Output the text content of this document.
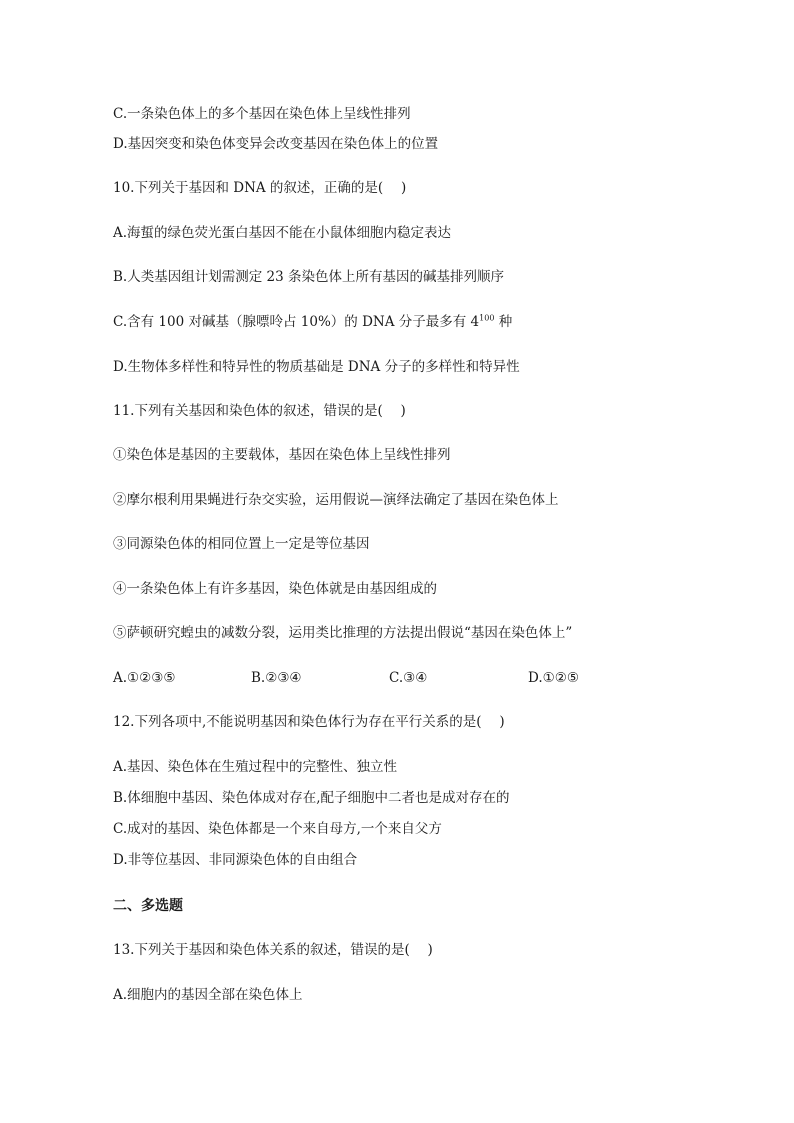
C.一条染色体上的多个基因在染色体上呈线性排列
D.基因突变和染色体变异会改变基因在染色体上的位置
10.下列关于基因和 DNA 的叙述，正确的是(　 )
A.海蜇的绿色荧光蛋白基因不能在小鼠体细胞内稳定表达
B.人类基因组计划需测定 23 条染色体上所有基因的碱基排列顺序
C.含有 100 对碱基（腺嘌呤占 10%）的 DNA 分子最多有 $4^{100}$ 种
D.生物体多样性和特异性的物质基础是 DNA 分子的多样性和特异性
11.下列有关基因和染色体的叙述，错误的是(　 )
①染色体是基因的主要载体，基因在染色体上呈线性排列
②摩尔根利用果蝇进行杂交实验，运用假说—演绎法确定了基因在染色体上
③同源染色体的相同位置上一定是等位基因
④一条染色体上有许多基因，染色体就是由基因组成的
⑤萨顿研究蝗虫的减数分裂，运用类比推理的方法提出假说“基因在染色体上”
A.①②③⑤	B.②③④	C.③④	D.①②⑤
12.下列各项中,不能说明基因和染色体行为存在平行关系的是(　 )
A.基因、染色体在生殖过程中的完整性、独立性
B.体细胞中基因、染色体成对存在,配子细胞中二者也是成对存在的
C.成对的基因、染色体都是一个来自母方,一个来自父方
D.非等位基因、非同源染色体的自由组合
二、多选题
13.下列关于基因和染色体关系的叙述，错误的是(　 )
A.细胞内的基因全部在染色体上
